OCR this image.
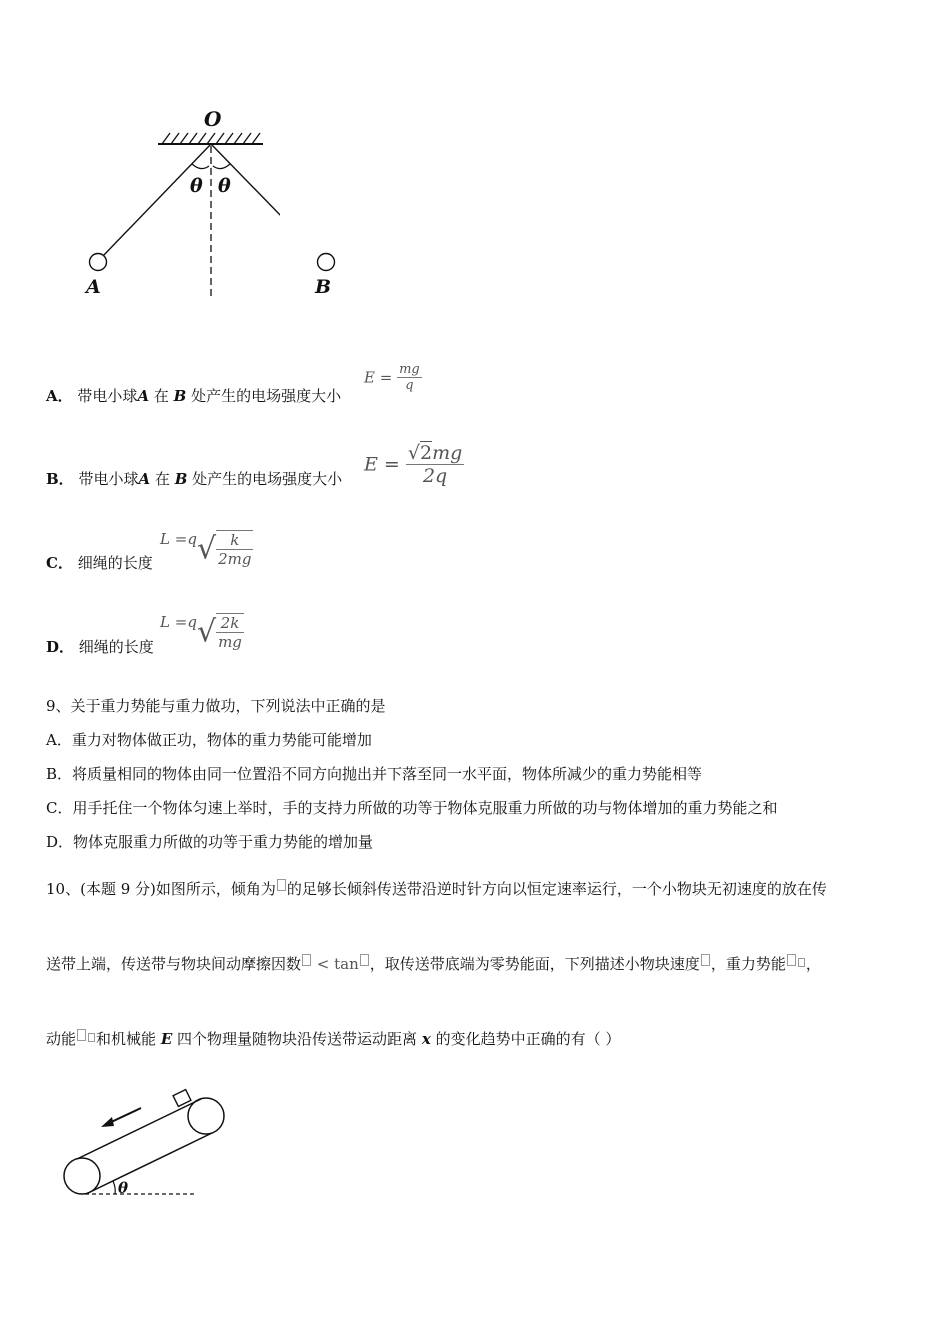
O
θ θ
A	B
A． 带电小球A 在 B 处产生的电场强度大小
$E = \frac{mg}{q}$
B． 带电小球A 在 B 处产生的电场强度大小
$E = \frac{√2mg}{2q}$
C． 细绳的长度
$L =q√ \frac{k}{2mg}$
D． 细绳的长度
$L =q√ \frac{2k}{mg}$
9、关于重力势能与重力做功，下列说法中正确的是
A．重力对物体做正功，物体的重力势能可能增加
B．将质量相同的物体由同一位置沿不同方向抛出并下落至同一水平面，物体所减少的重力势能相等
C．用手托住一个物体匀速上举时，手的支持力所做的功等于物体克服重力所做的功与物体增加的重力势能之和
D．物体克服重力所做的功等于重力势能的增加量
10、(本题 9 分)如图所示，倾角为 的足够长倾斜传送带沿逆时针方向以恒定速率运行，一个小物块无初速度的放在传
送带上端，传送带与物块间动摩擦因数 < tan ，取传送带底端为零势能面，下列描述小物块速度 ，重力势能 ，
动能 和机械能 E 四个物理量随物块沿传送带运动距离 x 的变化趋势中正确的有（ ）
θ
